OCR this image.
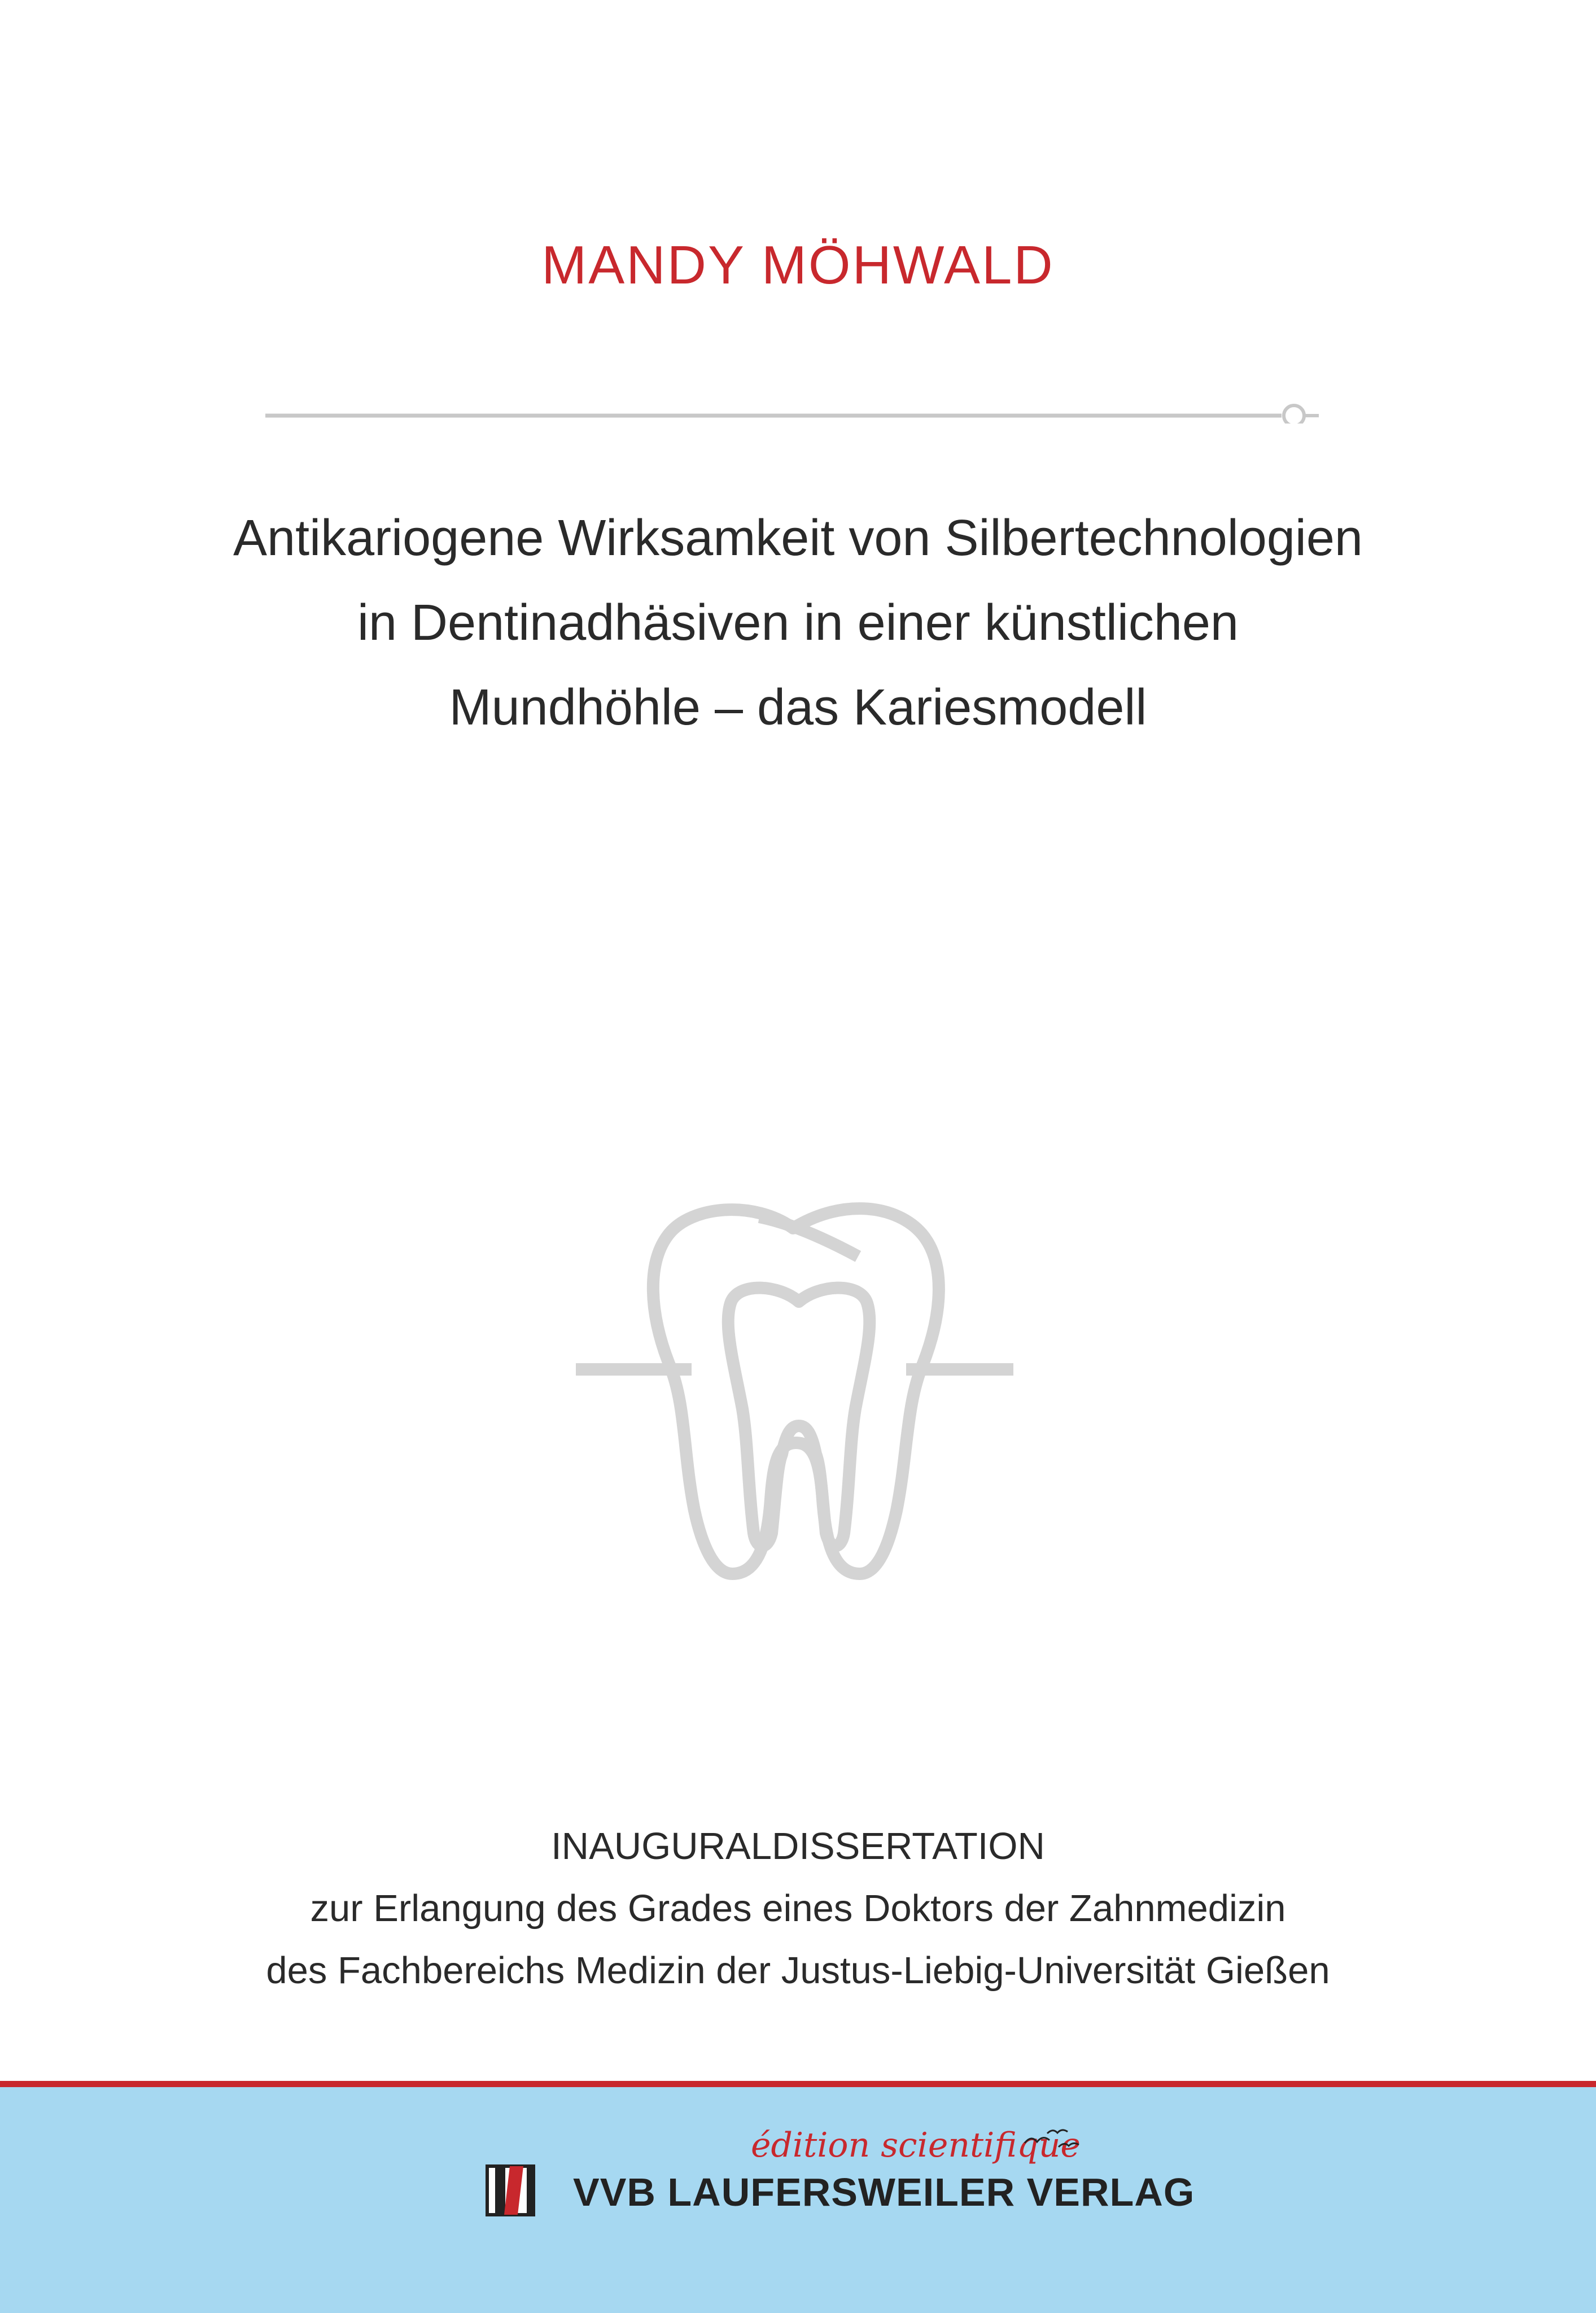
MANDY MÖHWALD
Antikariogene Wirksamkeit von Silbertechnologien
in Dentinadhäsiven in einer künstlichen
Mundhöhle – das Kariesmodell
INAUGURALDISSERTATION
zur Erlangung des Grades eines Doktors der Zahnmedizin
des Fachbereichs Medizin der Justus-Liebig-Universität Gießen
édition scientifique
VVB LAUFERSWEILER VERLAG
